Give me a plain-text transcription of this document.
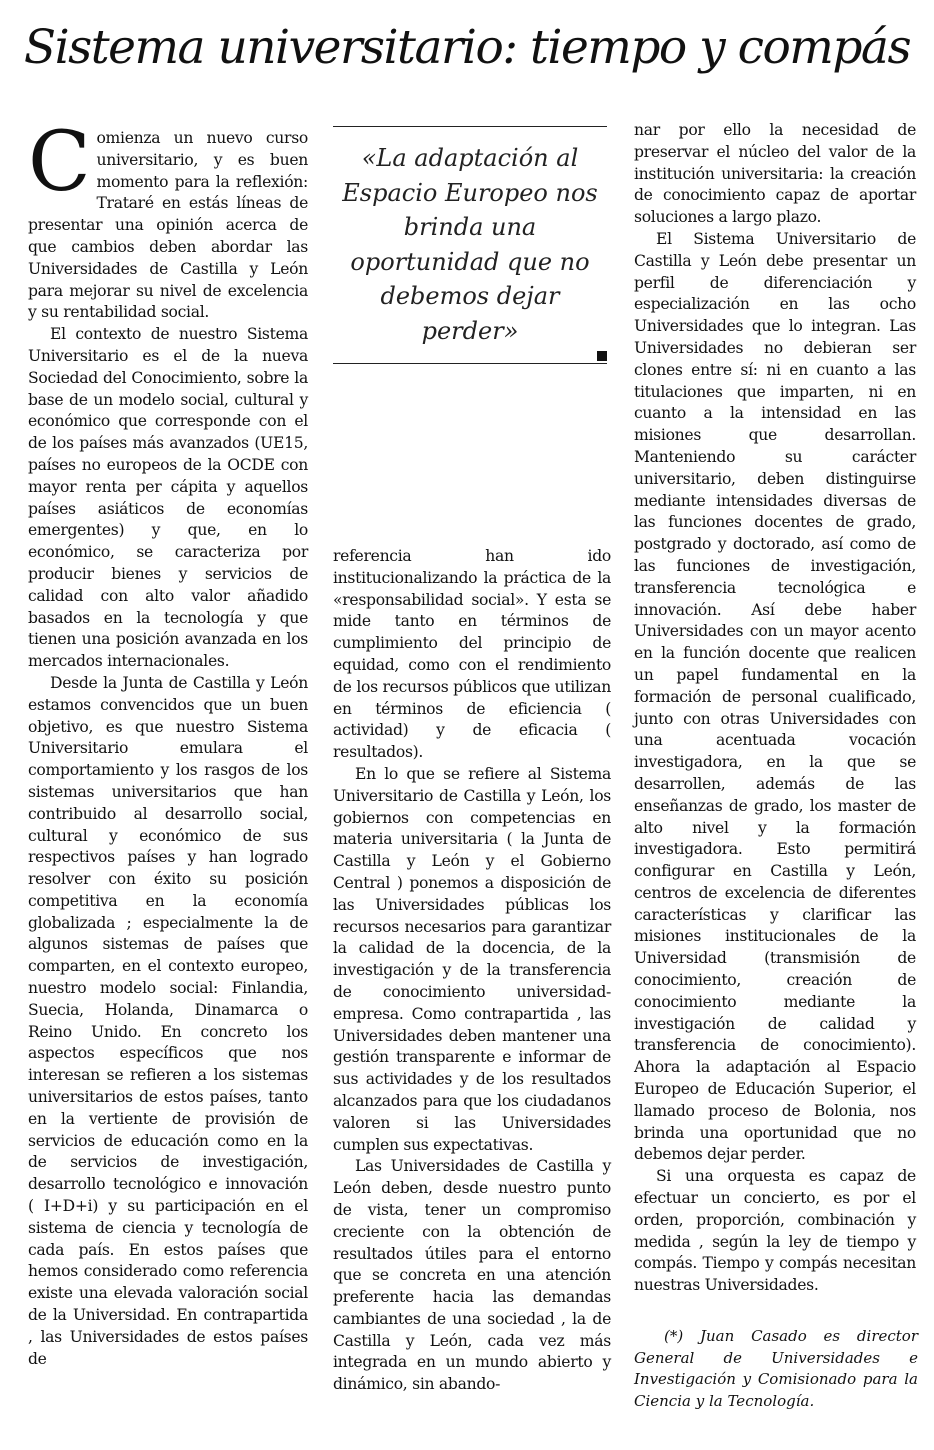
Sistema universitario: tiempo y compás

Comienza un nuevo curso universitario, y es buen momento para la reflexión: Trataré en estás líneas de presentar una opinión acerca de que cambios deben abordar las Universidades de Castilla y León para mejorar su nivel de excelencia y su rentabilidad social.

El contexto de nuestro Sistema Universitario es el de la nueva Sociedad del Conocimiento, sobre la base de un modelo social, cultural y económico que corresponde con el de los países más avanzados (UE15, países no europeos de la OCDE con mayor renta per cápita y aquellos países asiáticos de economías emergentes) y que, en lo económico, se caracteriza por producir bienes y servicios de calidad con alto valor añadido basados en la tecnología y que tienen una posición avanzada en los mercados internacionales.

Desde la Junta de Castilla y León estamos convencidos que un buen objetivo, es que nuestro Sistema Universitario emulara el comportamiento y los rasgos de los sistemas universitarios que han contribuido al desarrollo social, cultural y económico de sus respectivos países y han logrado resolver con éxito su posición competitiva en la economía globalizada ; especialmente la de algunos sistemas de países que comparten, en el contexto europeo, nuestro modelo social: Finlandia, Suecia, Holanda, Dinamarca o Reino Unido. En concreto los aspectos específicos que nos interesan se refieren a los sistemas universitarios de estos países, tanto en la vertiente de provisión de servicios de educación como en la de servicios de investigación, desarrollo tecnológico e innovación ( I+D+i) y su participación en el sistema de ciencia y tecnología de cada país. En estos países que hemos considerado como referencia existe una elevada valoración social de la Universidad. En contrapartida , las Universidades de estos países de

«La adaptación al Espacio Europeo nos brinda una oportunidad que no debemos dejar perder»

referencia han ido institucionalizando la práctica de la «responsabilidad social». Y esta se mide tanto en términos de cumplimiento del principio de equidad, como con el rendimiento de los recursos públicos que utilizan en términos de eficiencia ( actividad) y de eficacia ( resultados).

En lo que se refiere al Sistema Universitario de Castilla y León, los gobiernos con competencias en materia universitaria ( la Junta de Castilla y León y el Gobierno Central ) ponemos a disposición de las Universidades públicas los recursos necesarios para garantizar la calidad de la docencia, de la investigación y de la transferencia de conocimiento universidad-empresa. Como contrapartida , las Universidades deben mantener una gestión transparente e informar de sus actividades y de los resultados alcanzados para que los ciudadanos valoren si las Universidades cumplen sus expectativas.

Las Universidades de Castilla y León deben, desde nuestro punto de vista, tener un compromiso creciente con la obtención de resultados útiles para el entorno que se concreta en una atención preferente hacia las demandas cambiantes de una sociedad , la de Castilla y León, cada vez más integrada en un mundo abierto y dinámico, sin abando-

nar por ello la necesidad de preservar el núcleo del valor de la institución universitaria: la creación de conocimiento capaz de aportar soluciones a largo plazo.

El Sistema Universitario de Castilla y León debe presentar un perfil de diferenciación y especialización en las ocho Universidades que lo integran. Las Universidades no debieran ser clones entre sí: ni en cuanto a las titulaciones que imparten, ni en cuanto a la intensidad en las misiones que desarrollan. Manteniendo su carácter universitario, deben distinguirse mediante intensidades diversas de las funciones docentes de grado, postgrado y doctorado, así como de las funciones de investigación, transferencia tecnológica e innovación. Así debe haber Universidades con un mayor acento en la función docente que realicen un papel fundamental en la formación de personal cualificado, junto con otras Universidades con una acentuada vocación investigadora, en la que se desarrollen, además de las enseñanzas de grado, los master de alto nivel y la formación investigadora. Esto permitirá configurar en Castilla y León, centros de excelencia de diferentes características y clarificar las misiones institucionales de la Universidad (transmisión de conocimiento, creación de conocimiento mediante la investigación de calidad y transferencia de conocimiento). Ahora la adaptación al Espacio Europeo de Educación Superior, el llamado proceso de Bolonia, nos brinda una oportunidad que no debemos dejar perder.

Si una orquesta es capaz de efectuar un concierto, es por el orden, proporción, combinación y medida , según la ley de tiempo y compás. Tiempo y compás necesitan nuestras Universidades.

(*) Juan Casado es director General de Universidades e Investigación y Comisionado para la Ciencia y la Tecnología.
